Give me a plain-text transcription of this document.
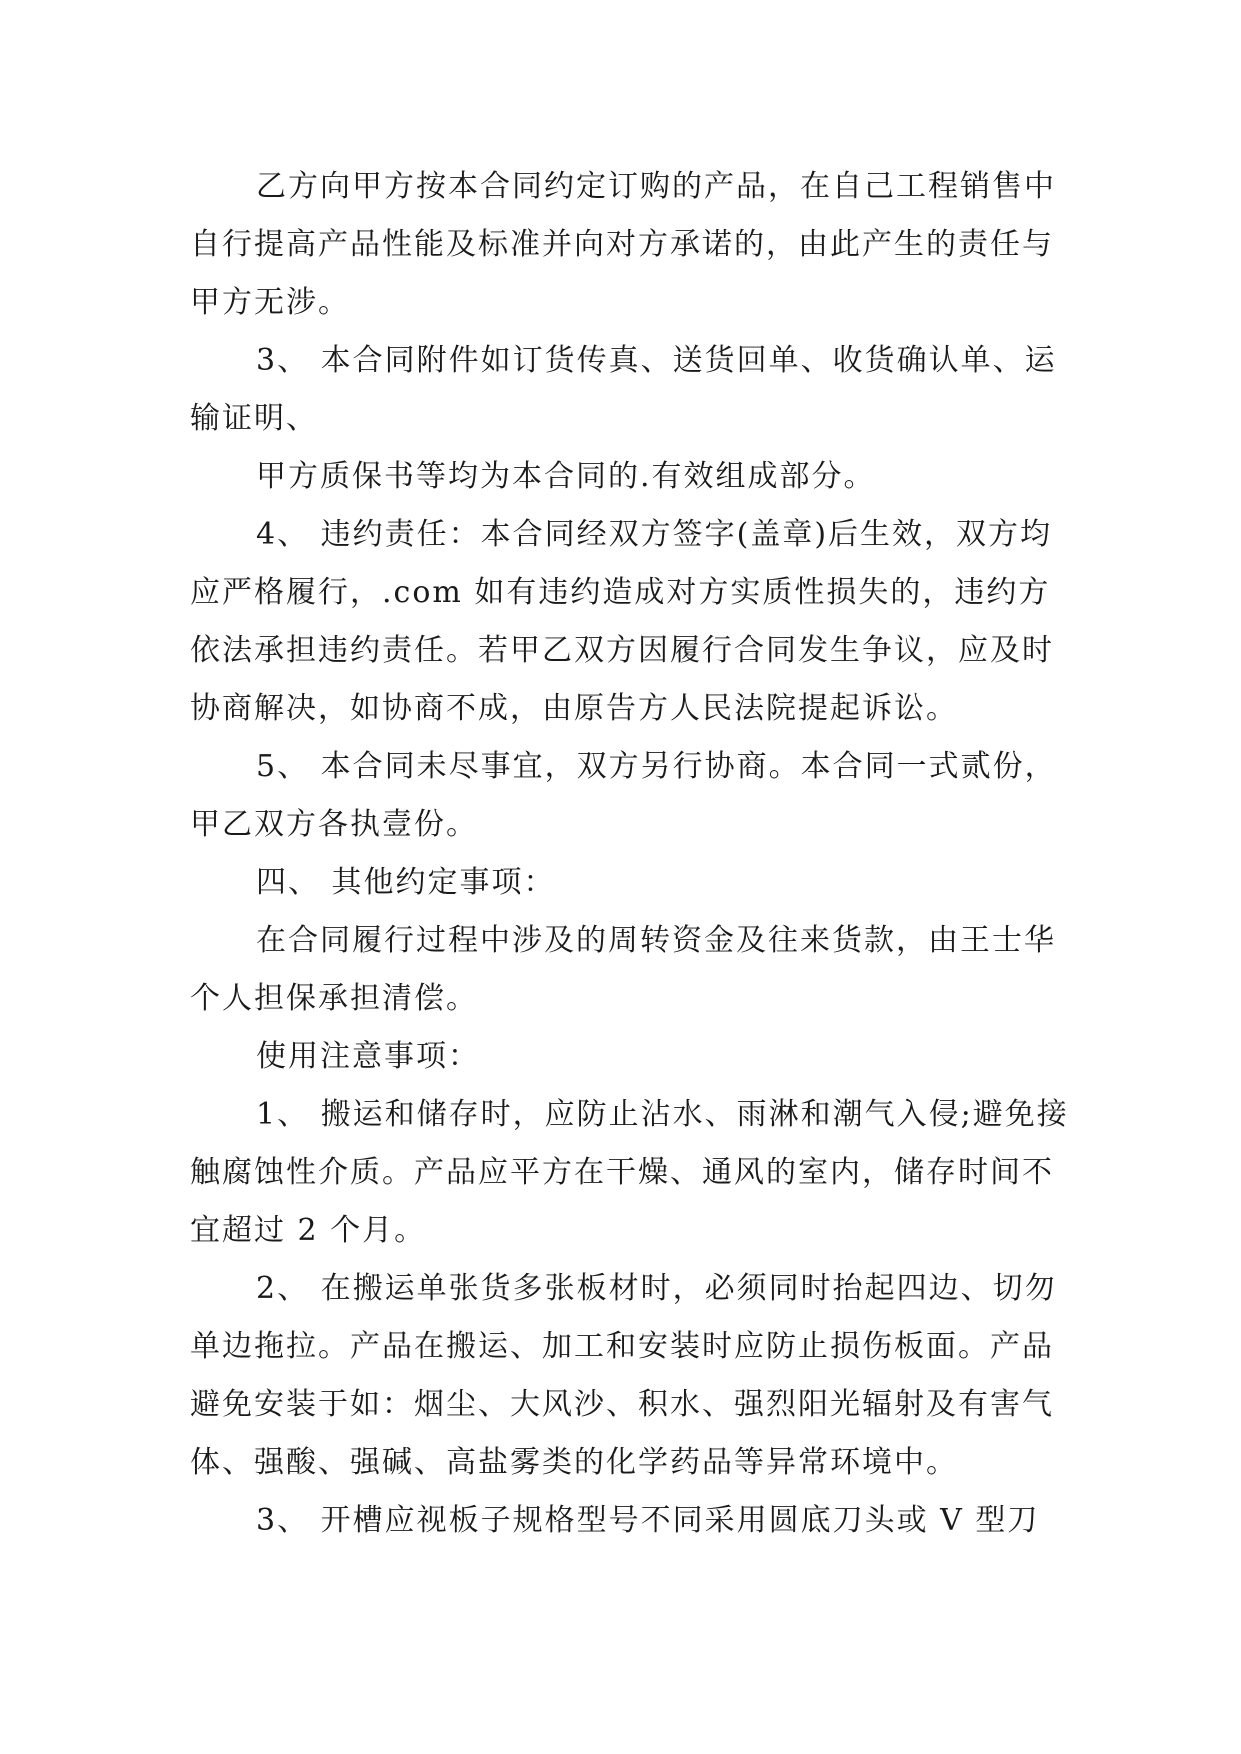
乙方向甲方按本合同约定订购的产品，在自己工程销售中自行提高产品性能及标准并向对方承诺的，由此产生的责任与甲方无涉。

3、 本合同附件如订货传真、送货回单、收货确认单、运输证明、

甲方质保书等均为本合同的.有效组成部分。

4、 违约责任：本合同经双方签字(盖章)后生效，双方均应严格履行，.com 如有违约造成对方实质性损失的，违约方依法承担违约责任。若甲乙双方因履行合同发生争议，应及时协商解决，如协商不成，由原告方人民法院提起诉讼。

5、 本合同未尽事宜，双方另行协商。本合同一式贰份，甲乙双方各执壹份。

四、 其他约定事项：

在合同履行过程中涉及的周转资金及往来货款，由王士华个人担保承担清偿。

使用注意事项：

1、 搬运和储存时，应防止沾水、雨淋和潮气入侵;避免接触腐蚀性介质。产品应平方在干燥、通风的室内，储存时间不宜超过 2 个月。

2、 在搬运单张货多张板材时，必须同时抬起四边、切勿单边拖拉。产品在搬运、加工和安装时应防止损伤板面。产品避免安装于如：烟尘、大风沙、积水、强烈阳光辐射及有害气体、强酸、强碱、高盐雾类的化学药品等异常环境中。

3、 开槽应视板子规格型号不同采用圆底刀头或 V 型刀
